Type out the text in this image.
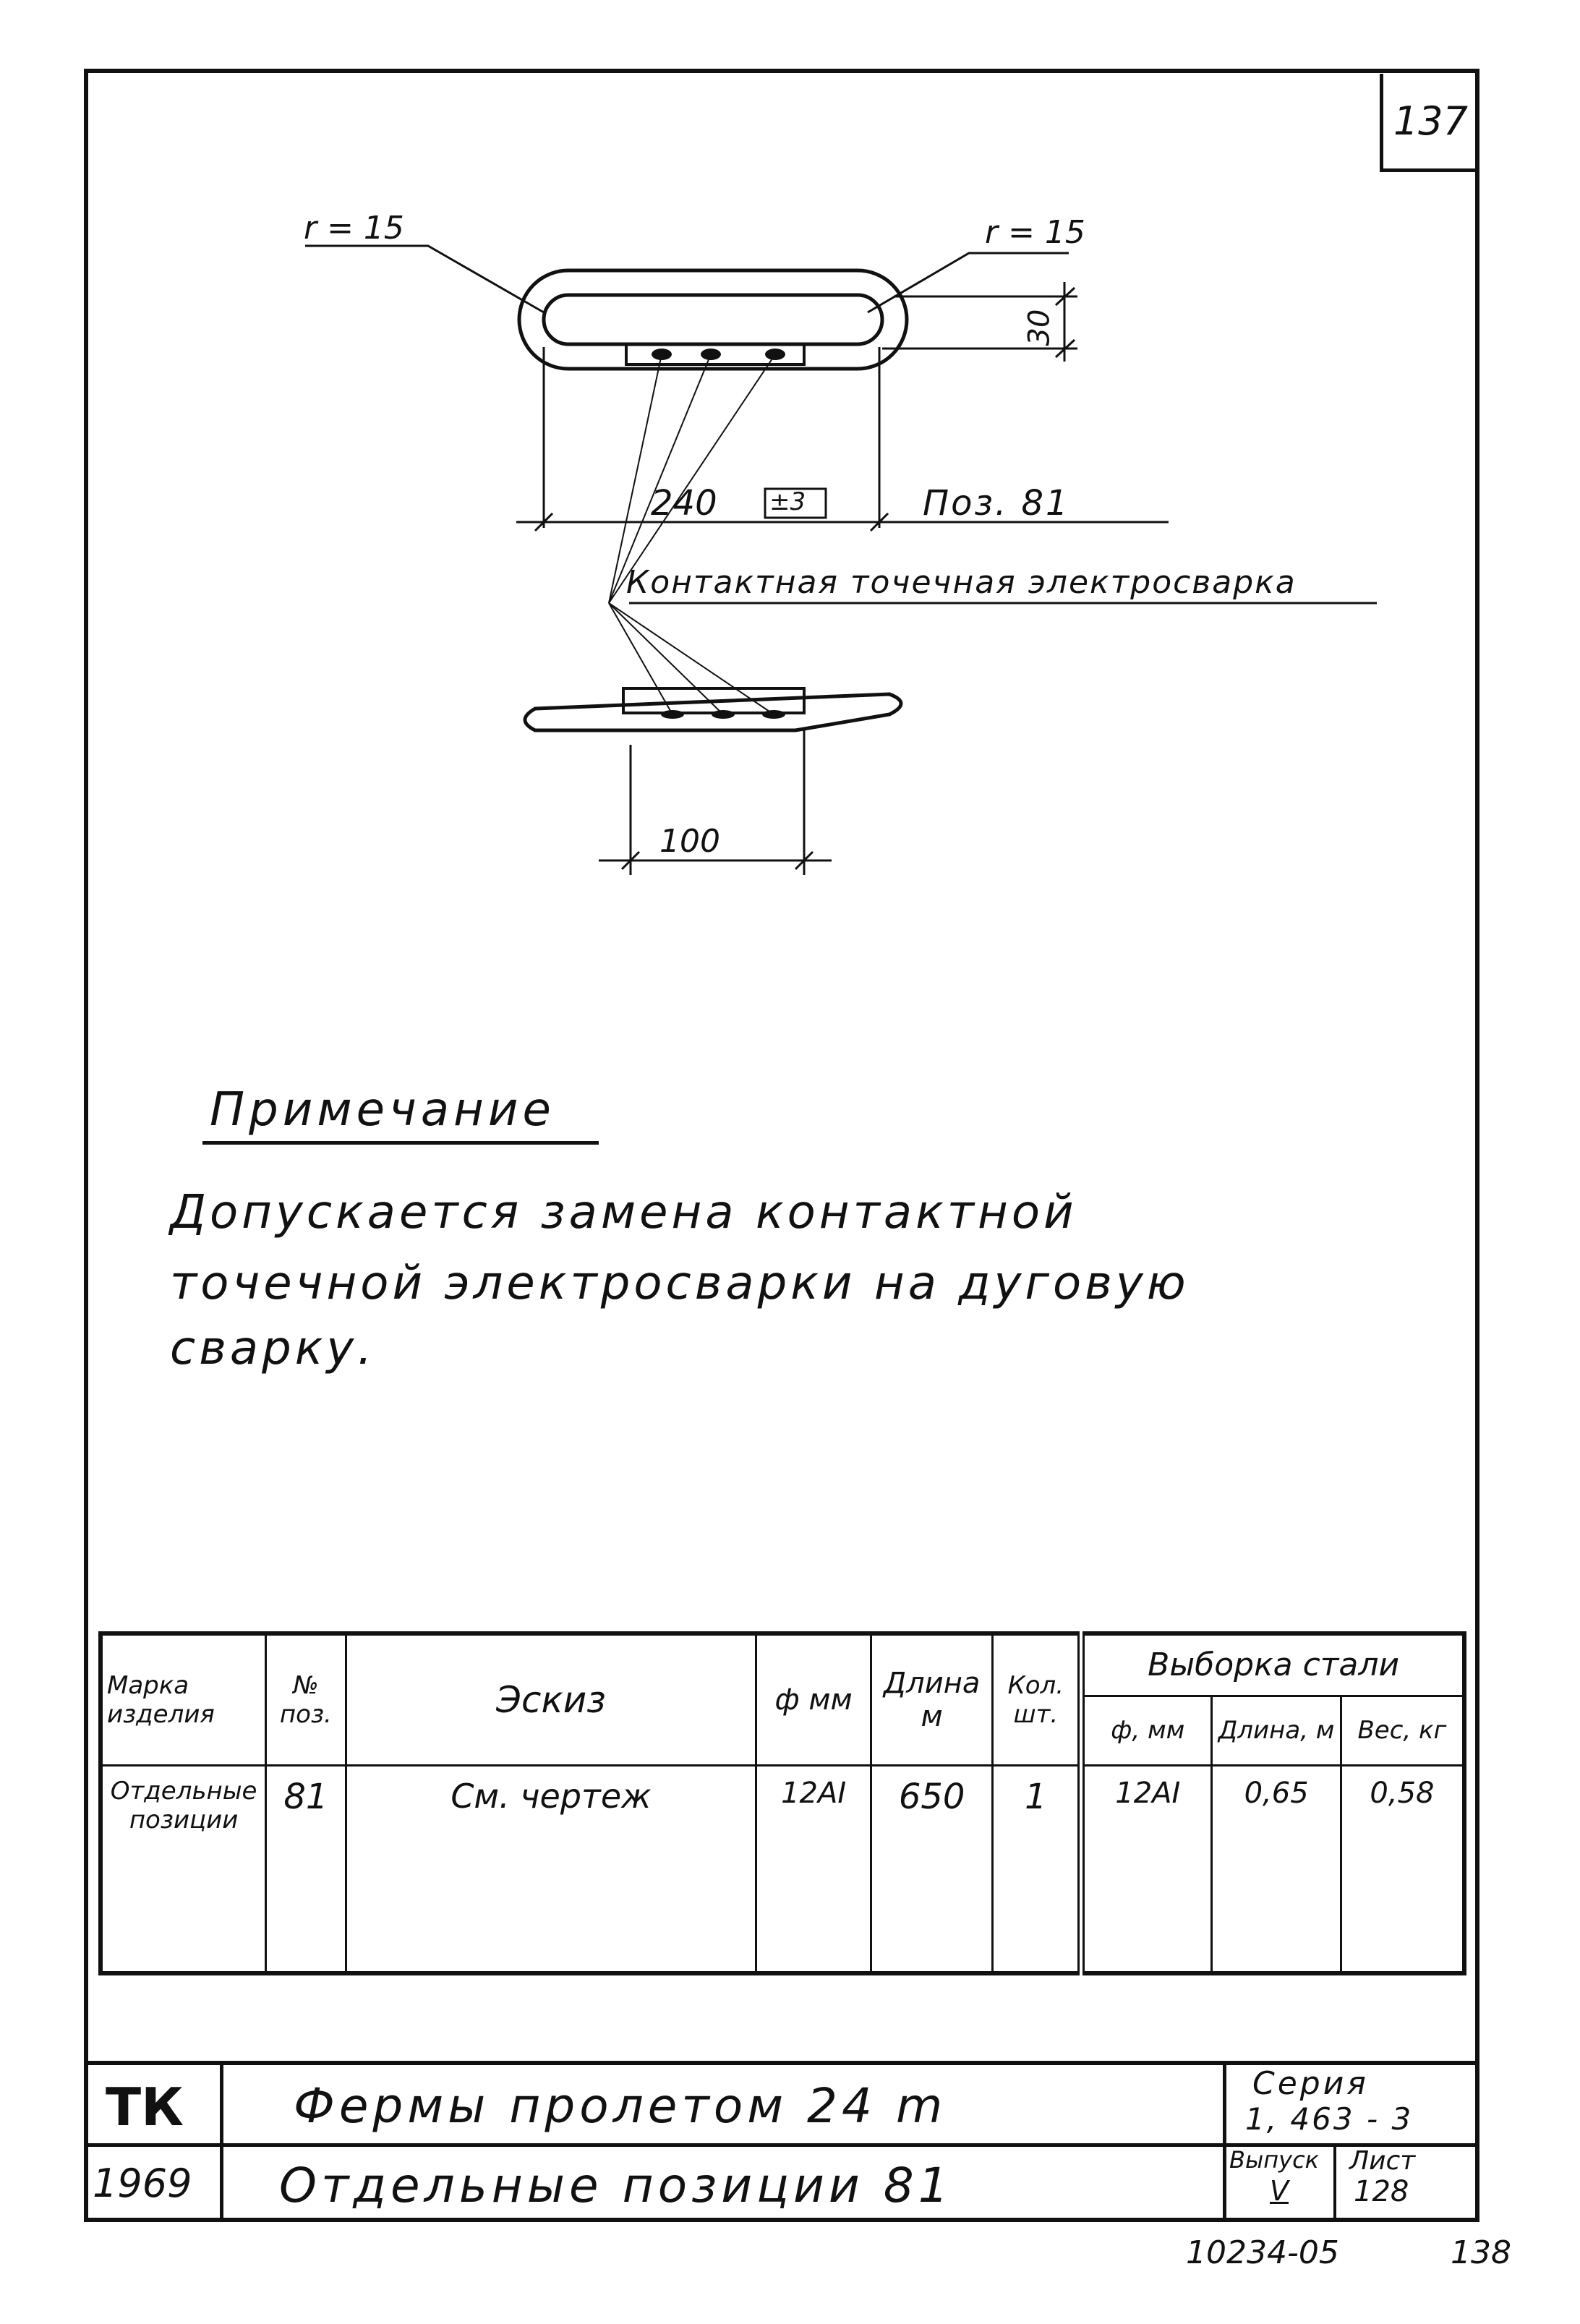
137
r = 15	r = 15
30
240 ±3	Поз. 81
Контактная точечная электросварка
100
Примечание
Допускается замена контактной
точечной электросварки на дуговую
сварку.
Марка изделия	№ поз.	Эскиз	ф мм	Длина м	Кол. шт.	Выборка стали		
						ф, мм	Длина, м	Вес, кг
Отдельные позиции	81	См. чертеж	12AI	650	1	12AI	0,65	0,58
ТК
1969
Фермы пролетом 24 m
Отдельные позиции 81
Серия
1, 463 - 3
Выпуск
V
Лист
128
10234-05	138
